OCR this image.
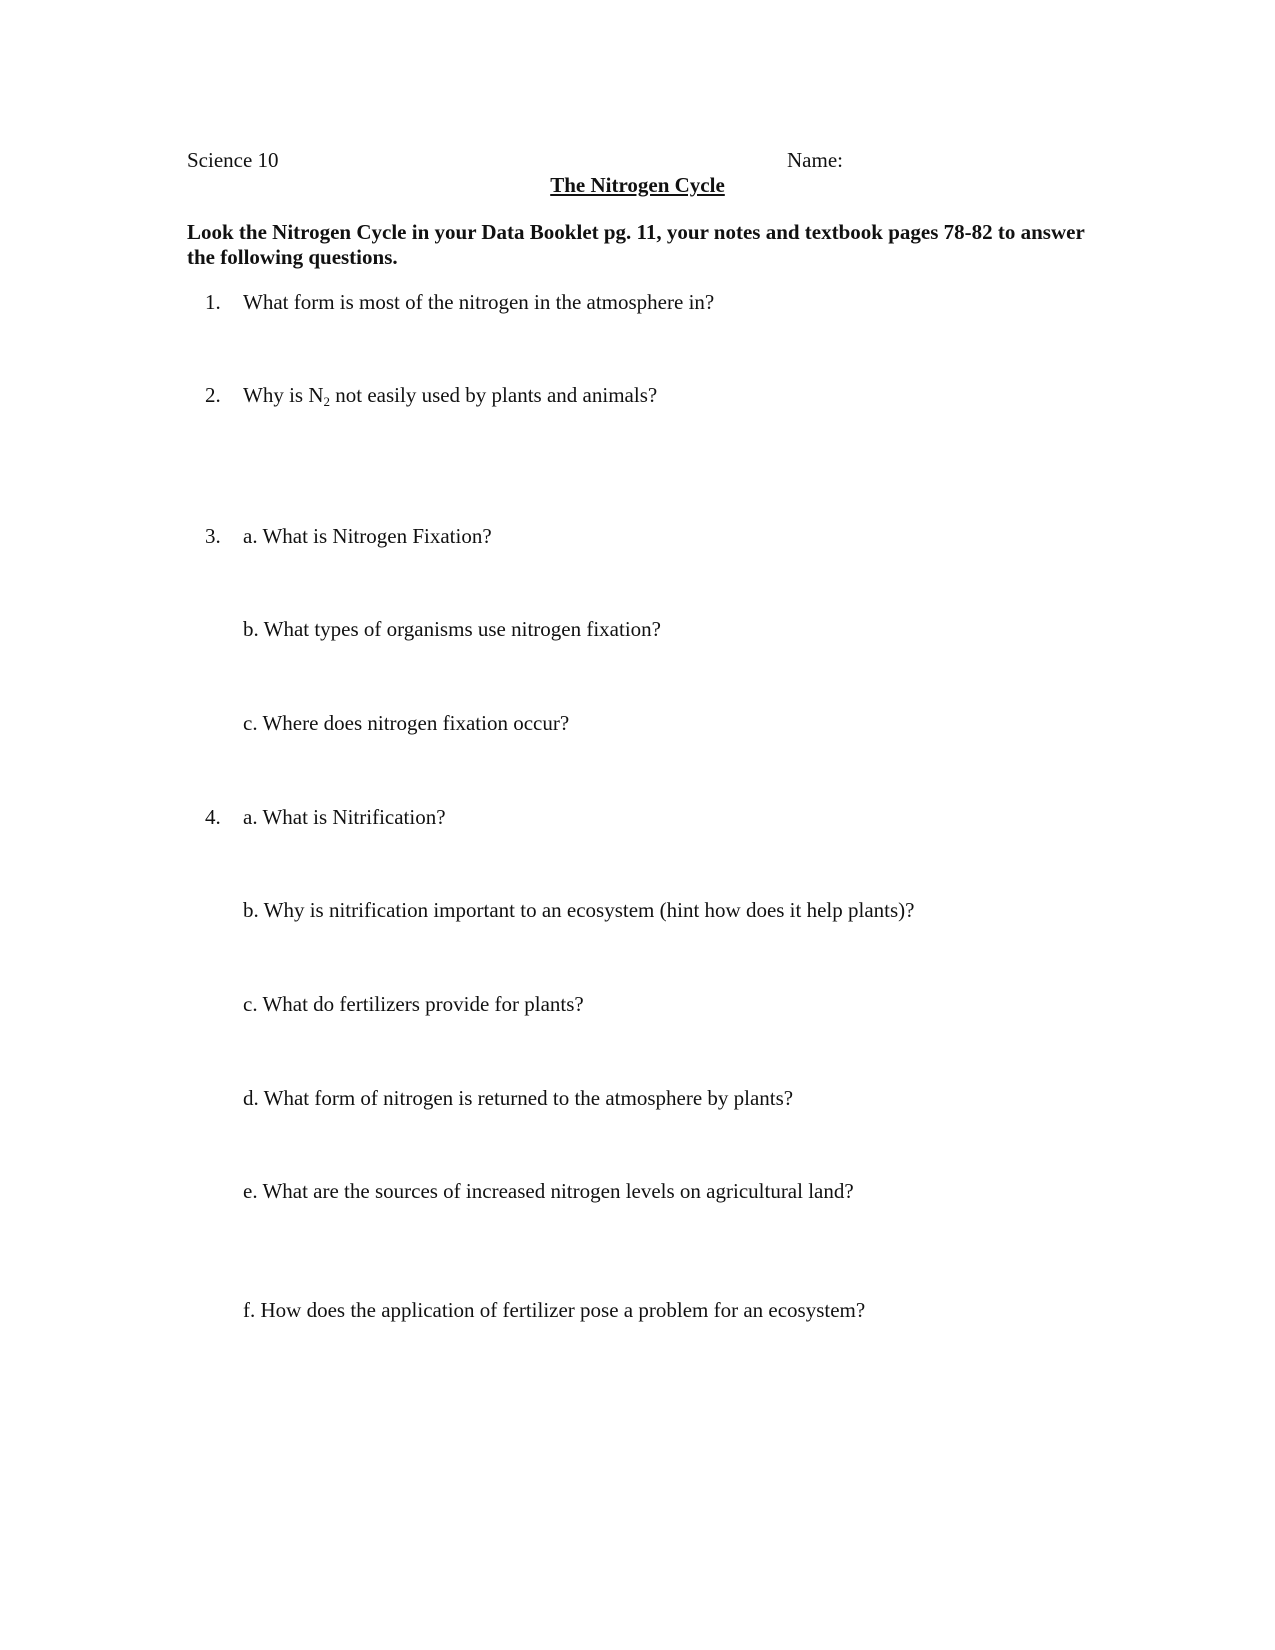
Science 10	Name:
The Nitrogen Cycle
Look the Nitrogen Cycle in your Data Booklet pg. 11, your notes and textbook pages 78-82 to answer the following questions.
1. What form is most of the nitrogen in the atmosphere in?
2. Why is $N_2$ not easily used by plants and animals?
3. a. What is Nitrogen Fixation?
b. What types of organisms use nitrogen fixation?
c. Where does nitrogen fixation occur?
4. a. What is Nitrification?
b. Why is nitrification important to an ecosystem (hint how does it help plants)?
c. What do fertilizers provide for plants?
d. What form of nitrogen is returned to the atmosphere by plants?
e. What are the sources of increased nitrogen levels on agricultural land?
f. How does the application of fertilizer pose a problem for an ecosystem?
